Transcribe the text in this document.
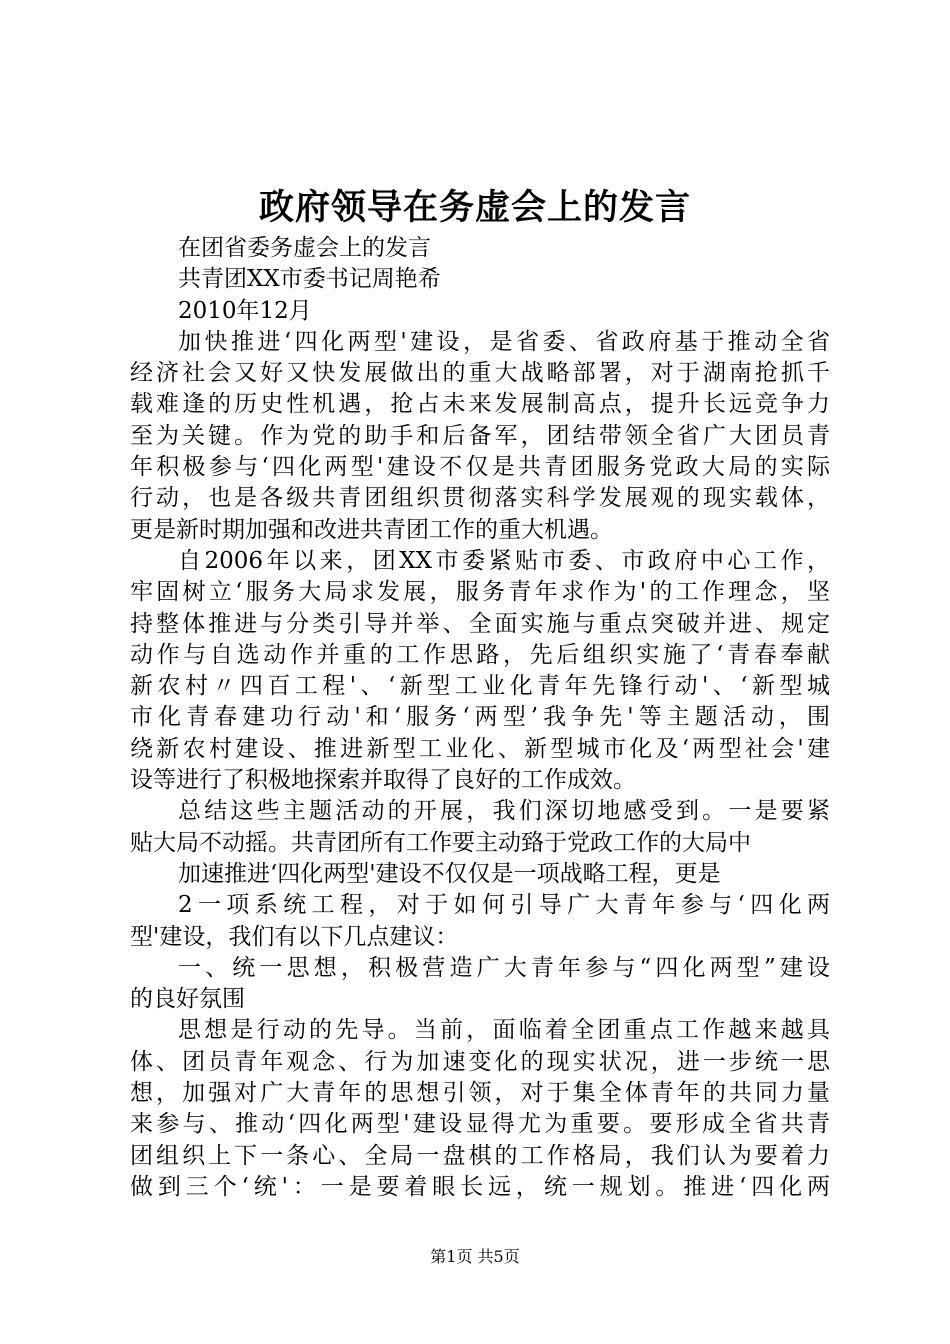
政府领导在务虚会上的发言
在团省委务虚会上的发言
共青团XX市委书记周艳希
2010年12月
加快推进‘四化两型'建设，是省委、省政府基于推动全省
经济社会又好又快发展做出的重大战略部署，对于湖南抢抓千
载难逢的历史性机遇，抢占未来发展制高点，提升长远竞争力
至为关键。作为党的助手和后备军，团结带领全省广大团员青
年积极参与‘四化两型'建设不仅是共青团服务党政大局的实际
行动，也是各级共青团组织贯彻落实科学发展观的现实载体，
更是新时期加强和改进共青团工作的重大机遇。
自2006年以来，团XX市委紧贴市委、市政府中心工作，
牢固树立‘服务大局求发展，服务青年求作为'的工作理念，坚
持整体推进与分类引导并举、全面实施与重点突破并进、规定
动作与自选动作并重的工作思路，先后组织实施了‘青春奉献
新农村〃四百工程'、‘新型工业化青年先锋行动'、‘新型城
市化青春建功行动'和‘服务‘两型’我争先'等主题活动，围
绕新农村建设、推进新型工业化、新型城市化及‘两型社会'建
设等进行了积极地探索并取得了良好的工作成效。
总结这些主题活动的开展，我们深切地感受到。一是要紧
贴大局不动摇。共青团所有工作要主动臵于党政工作的大局中
加速推进‘四化两型'建设不仅仅是一项战略工程，更是
2一项系统工程，对于如何引导广大青年参与‘四化两
型'建设，我们有以下几点建议：
一、统一思想，积极营造广大青年参与“四化两型”建设
的良好氛围
思想是行动的先导。当前，面临着全团重点工作越来越具
体、团员青年观念、行为加速变化的现实状况，进一步统一思
想，加强对广大青年的思想引领，对于集全体青年的共同力量
来参与、推动‘四化两型'建设显得尤为重要。要形成全省共青
团组织上下一条心、全局一盘棋的工作格局，我们认为要着力
做到三个‘统'：一是要着眼长远，统一规划。推进‘四化两
第1页 共5页
